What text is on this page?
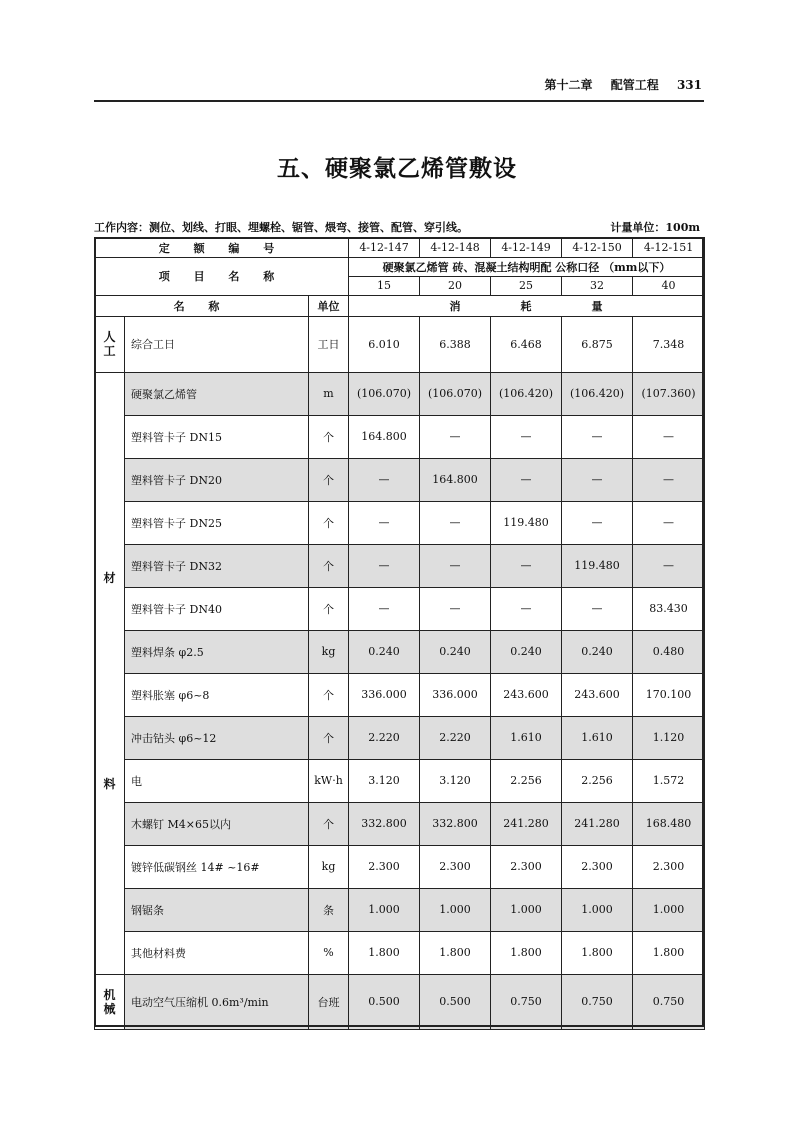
第十二章 配管工程 331
五、硬聚氯乙烯管敷设
工作内容：测位、划线、打眼、埋螺栓、锯管、煨弯、接管、配管、穿引线。	计量单位：100m
定 额 编 号			4-12-147	4-12-148	4-12-149	4-12-150	4-12-151
项 目 名 称			硬聚氯乙烯管 砖、混凝土结构明配 公称口径 （mm以下）				
			15	20	25	32	40
名 称		单位		消	耗	量	
人工	综合工日	工日	6.010	6.388	6.468	6.875	7.348

材
料	硬聚氯乙烯管	m	(106.070)	(106.070)	(106.420)	(106.420)	(107.360)
	塑料管卡子 DN15	个	164.800	—	—	—	—
	塑料管卡子 DN20	个	—	164.800	—	—	—
	塑料管卡子 DN25	个	—	—	119.480	—	—
	塑料管卡子 DN32	个	—	—	—	119.480	—
	塑料管卡子 DN40	个	—	—	—	—	83.430
	塑料焊条 φ2.5	kg	0.240	0.240	0.240	0.240	0.480
	塑料胀塞 φ6~8	个	336.000	336.000	243.600	243.600	170.100
	冲击钻头 φ6~12	个	2.220	2.220	1.610	1.610	1.120
	电	kW·h	3.120	3.120	2.256	2.256	1.572
	木螺钉 M4×65以内	个	332.800	332.800	241.280	241.280	168.480
	镀锌低碳钢丝 14# ~16#	kg	2.300	2.300	2.300	2.300	2.300
	钢锯条	条	1.000	1.000	1.000	1.000	1.000
	其他材料费	%	1.800	1.800	1.800	1.800	1.800
机械	电动空气压缩机 0.6m³/min	台班	0.500	0.500	0.750	0.750	0.750
